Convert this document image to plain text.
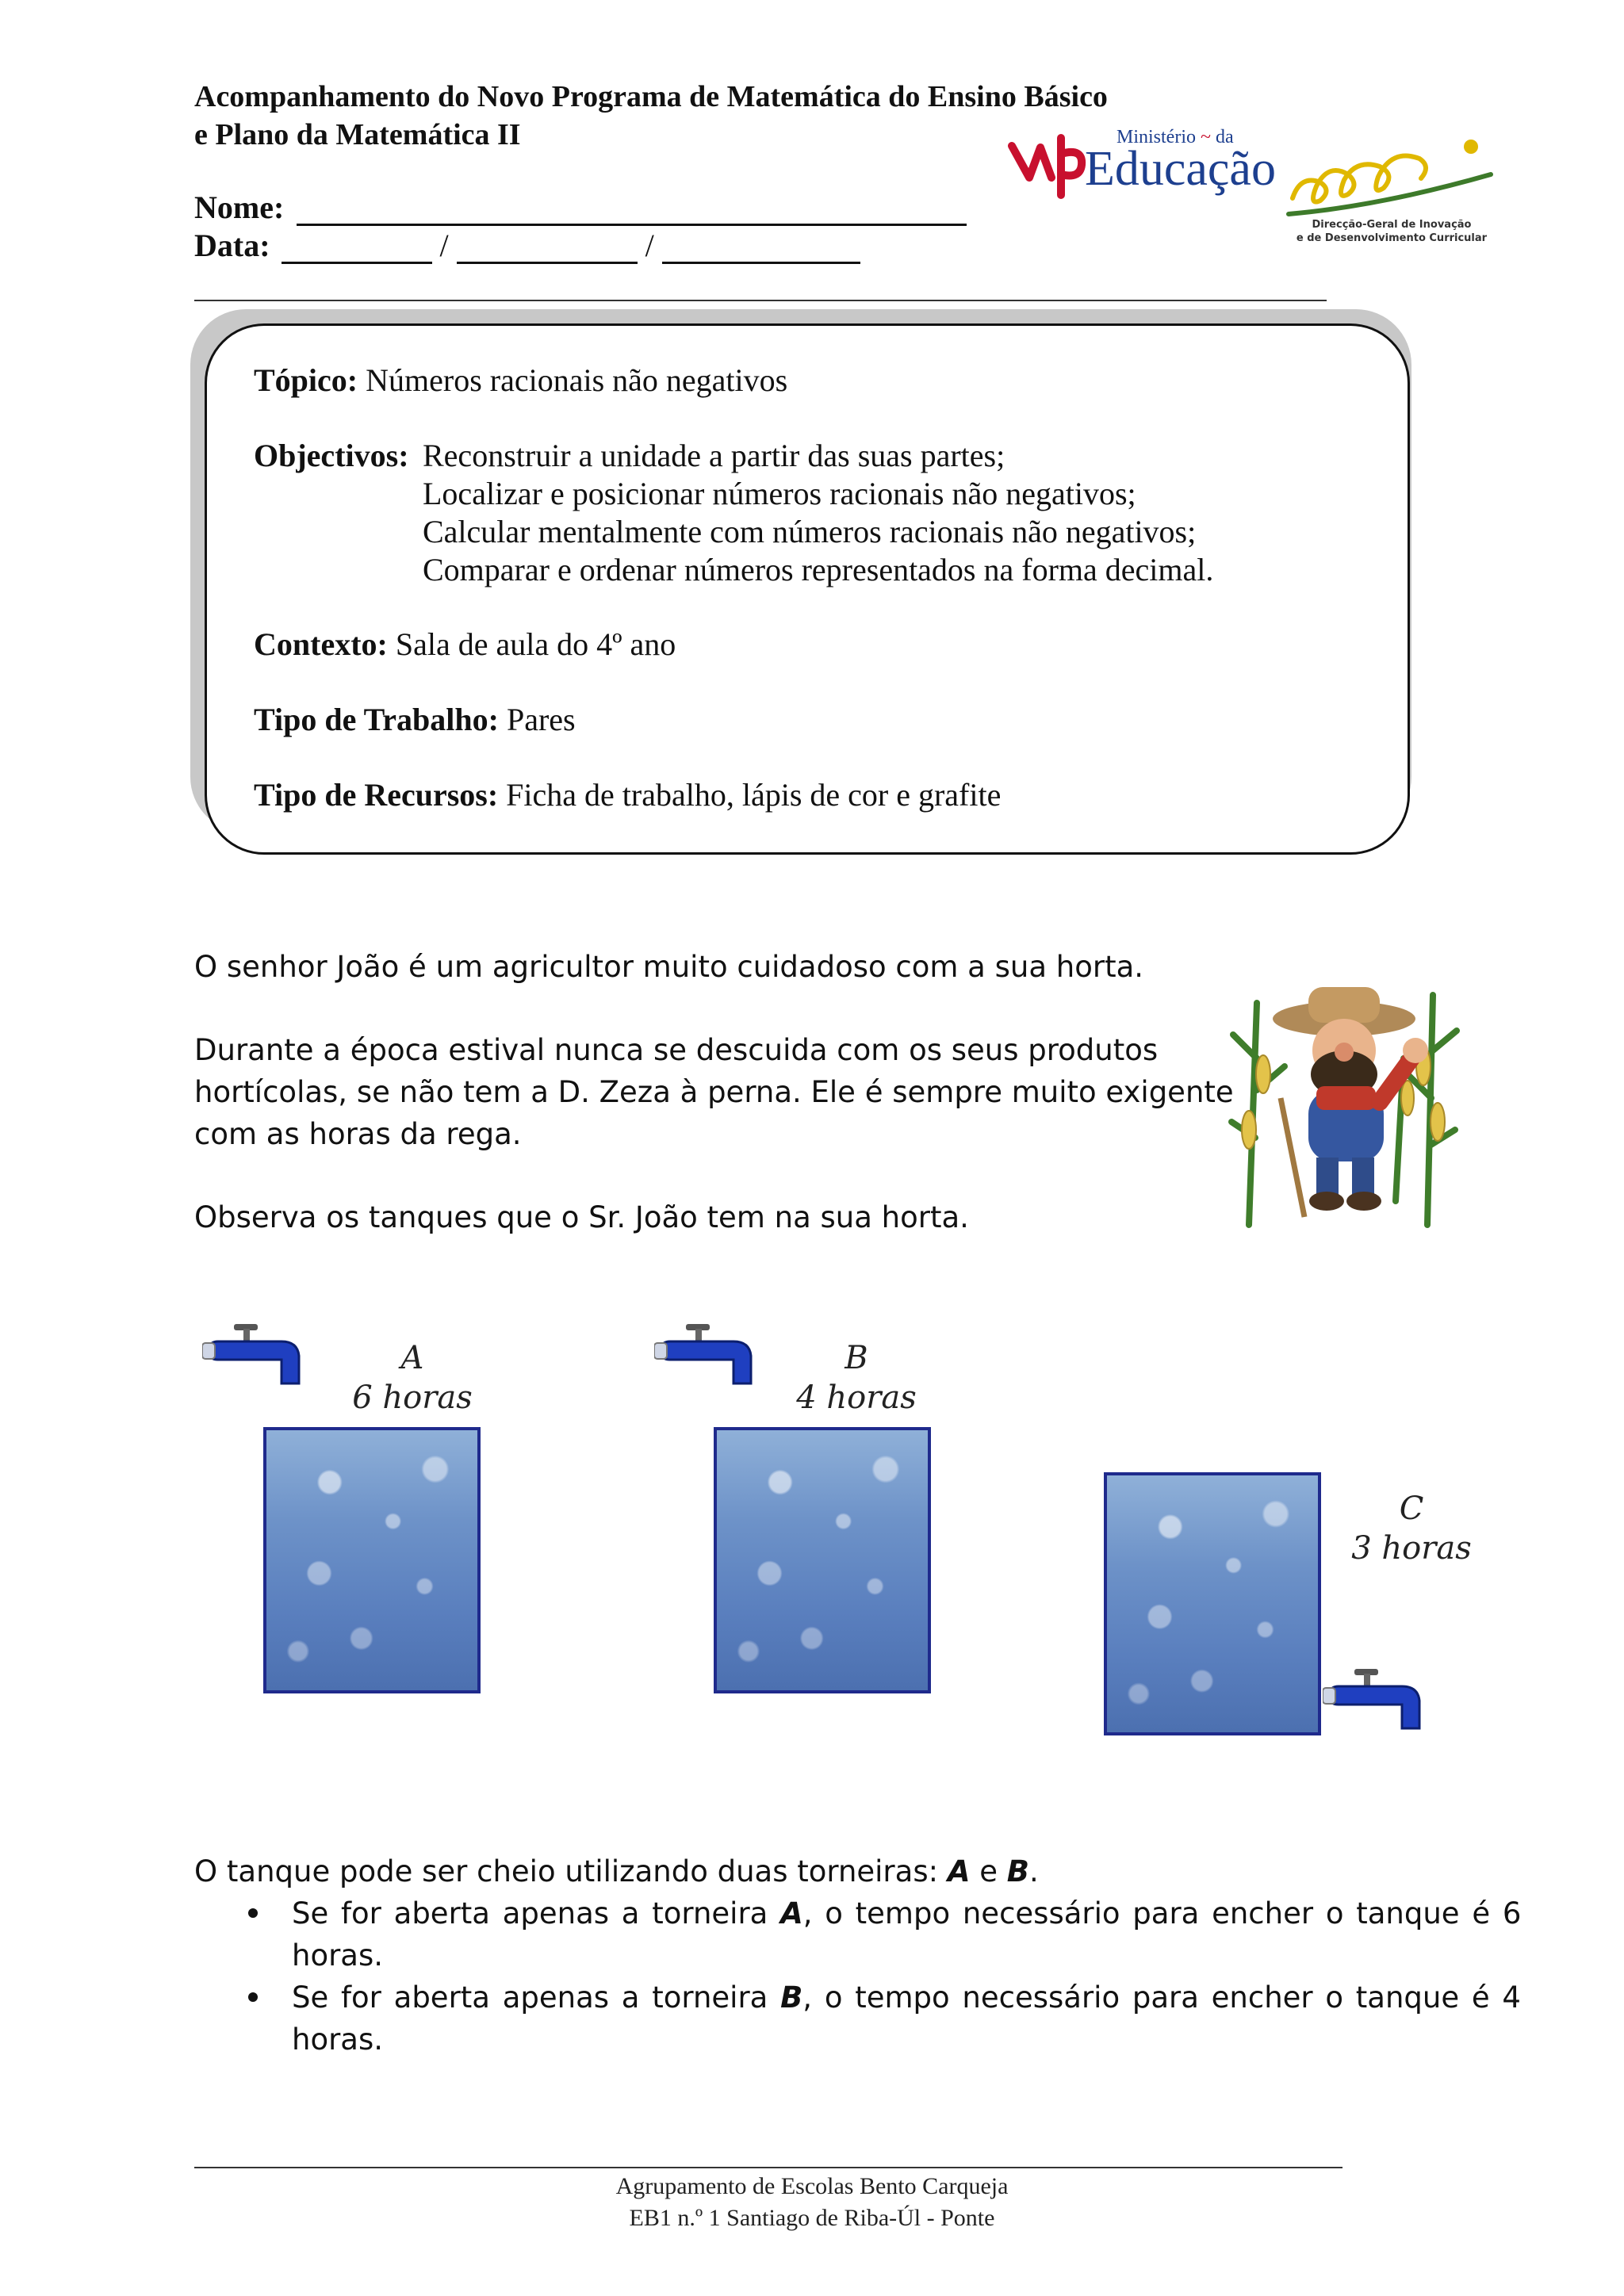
Acompanhamento do Novo Programa de Matemática do Ensino Básico
e Plano da Matemática II
Nome:
Data:	/	/
Ministério ~ da
Educação
Direcção-Geral de Inovação
e de Desenvolvimento Curricular
Tópico: Números racionais não negativos
Objectivos: Reconstruir a unidade a partir das suas partes;
Localizar e posicionar números racionais não negativos;
Calcular mentalmente com números racionais não negativos;
Comparar e ordenar números representados na forma decimal.
Contexto: Sala de aula do 4º ano
Tipo de Trabalho: Pares
Tipo de Recursos: Ficha de trabalho, lápis de cor e grafite
O senhor João é um agricultor muito cuidadoso com a sua horta.
Durante a época estival nunca se descuida com os seus produtos
hortícolas, se não tem a D. Zeza à perna. Ele é sempre muito exigente
com as horas da rega.
Observa os tanques que o Sr. João tem na sua horta.
A
6 horas
B
4 horas
C
3 horas
O tanque pode ser cheio utilizando duas torneiras: A e B.
Se for aberta apenas a torneira A, o tempo necessário para encher o tanque é 6
horas.
Se for aberta apenas a torneira B, o tempo necessário para encher o tanque é 4
horas.
Agrupamento de Escolas Bento Carqueja
EB1 n.º 1 Santiago de Riba-Úl - Ponte
